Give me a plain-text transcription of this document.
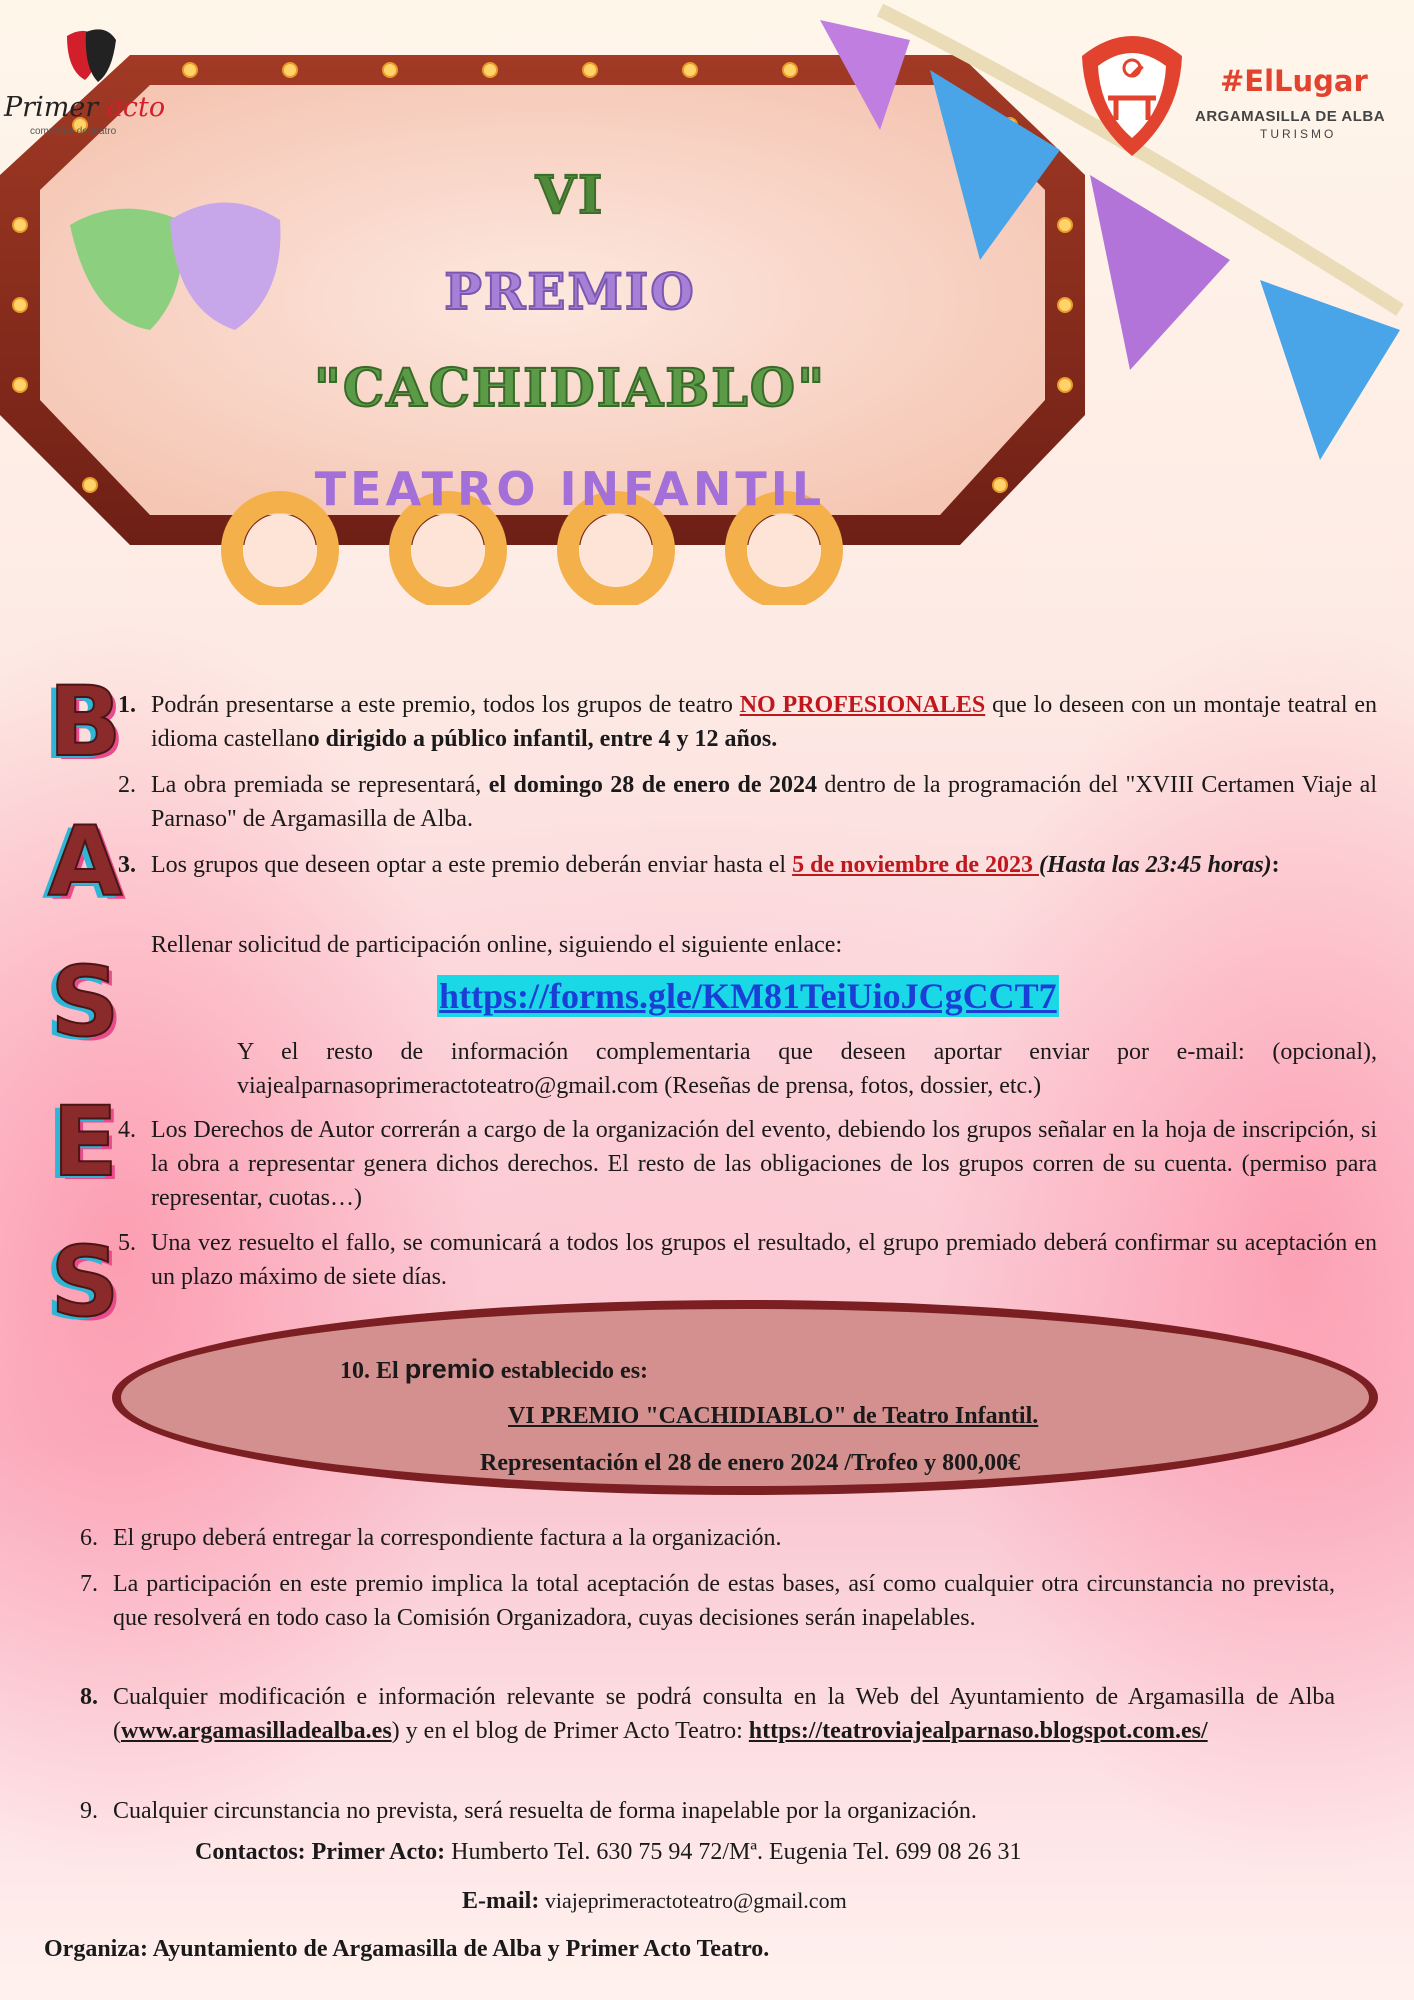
VI
PREMIO
"CACHIDIABLO"
TEATRO INFANTIL
Primer acto
compañía de teatro
#ElLugar
ARGAMASILLA DE ALBA
TURISMO
B
A
S
E
S
1. Podrán presentarse a este premio, todos los grupos de teatro NO PROFESIONALES que lo deseen con un montaje teatral en idioma castellano dirigido a público infantil, entre 4 y 12 años.
2. La obra premiada se representará, el domingo 28 de enero de 2024 dentro de la programación del "XVIII Certamen Viaje al Parnaso" de Argamasilla de Alba.
3. Los grupos que deseen optar a este premio deberán enviar hasta el 5 de noviembre de 2023 (Hasta las 23:45 horas):
Rellenar solicitud de participación online, siguiendo el siguiente enlace:
https://forms.gle/KM81TeiUioJCgCCT7
Y el resto de información complementaria que deseen aportar enviar por e-mail: (opcional), viajealparnasoprimeractoteatro@gmail.com (Reseñas de prensa, fotos, dossier, etc.)
4. Los Derechos de Autor correrán a cargo de la organización del evento, debiendo los grupos señalar en la hoja de inscripción, si la obra a representar genera dichos derechos. El resto de las obligaciones de los grupos corren de su cuenta. (permiso para representar, cuotas…)
5. Una vez resuelto el fallo, se comunicará a todos los grupos el resultado, el grupo premiado deberá confirmar su aceptación en un plazo máximo de siete días.
10. El premio establecido es:
VI PREMIO "CACHIDIABLO" de Teatro Infantil.
Representación el 28 de enero 2024 /Trofeo y 800,00€
6. El grupo deberá entregar la correspondiente factura a la organización.
7. La participación en este premio implica la total aceptación de estas bases, así como cualquier otra circunstancia no prevista, que resolverá en todo caso la Comisión Organizadora, cuyas decisiones serán inapelables.
8. Cualquier modificación e información relevante se podrá consulta en la Web del Ayuntamiento de Argamasilla de Alba (www.argamasilladealba.es) y en el blog de Primer Acto Teatro: https://teatroviajealparnaso.blogspot.com.es/
9. Cualquier circunstancia no prevista, será resuelta de forma inapelable por la organización.
Contactos: Primer Acto: Humberto Tel. 630 75 94 72/Mª. Eugenia Tel. 699 08 26 31
E-mail: viajeprimeractoteatro@gmail.com
Organiza: Ayuntamiento de Argamasilla de Alba y Primer Acto Teatro.
